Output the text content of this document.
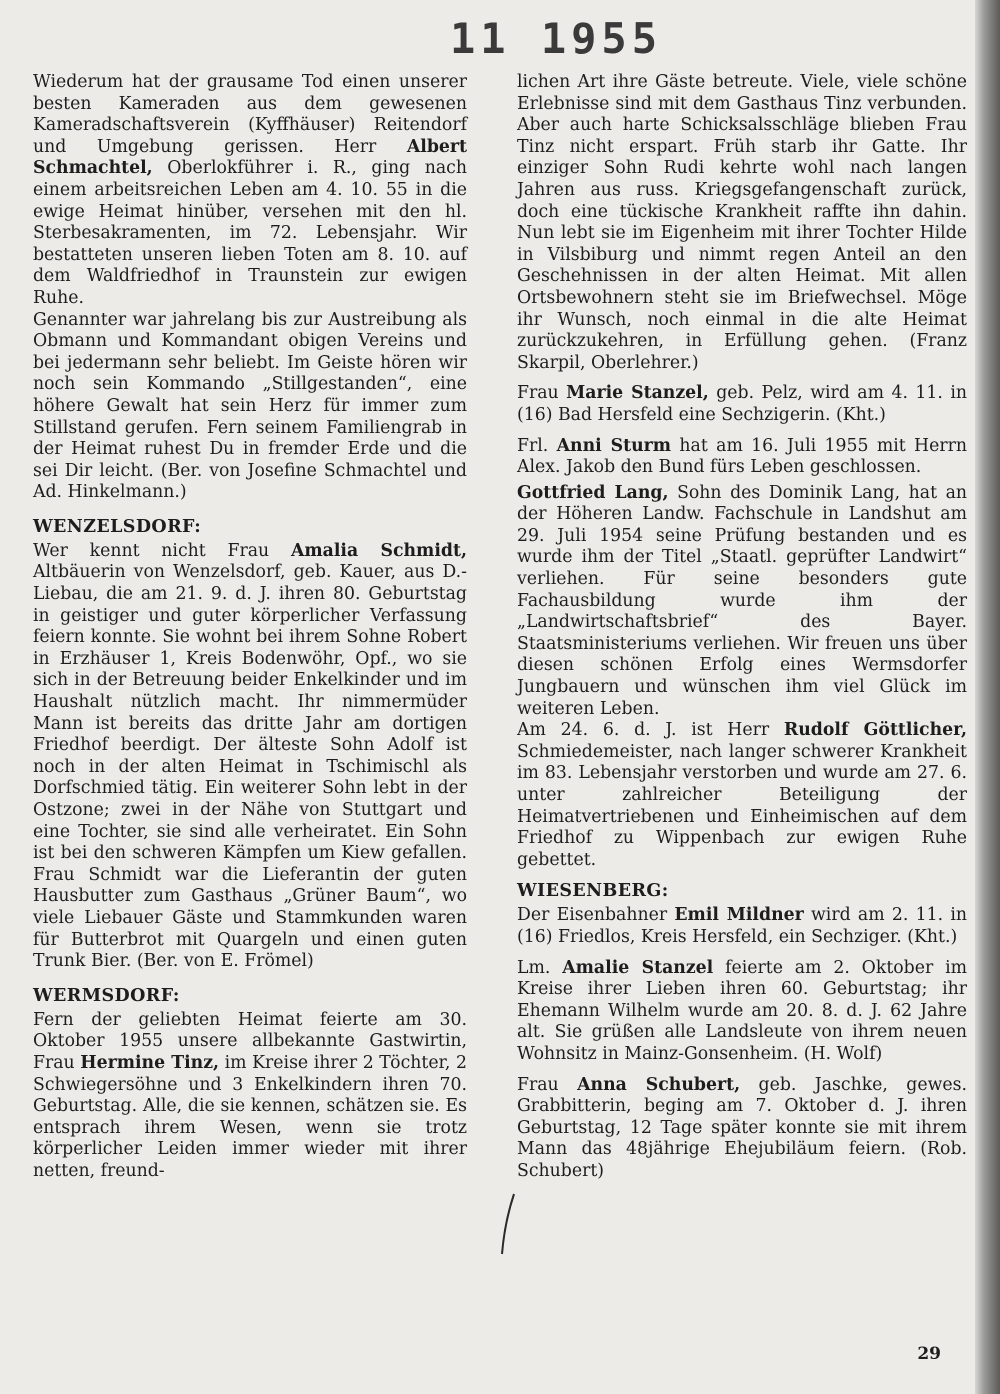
11 1955

Wiederum hat der grausame Tod einen unserer besten Kameraden aus dem gewesenen Kameradschaftsverein (Kyffhäuser) Reitendorf und Umgebung gerissen. Herr Albert Schmachtel, Oberlokführer i. R., ging nach einem arbeitsreichen Leben am 4. 10. 55 in die ewige Heimat hinüber, versehen mit den hl. Sterbesakramenten, im 72. Lebensjahr. Wir bestatteten unseren lieben Toten am 8. 10. auf dem Waldfriedhof in Traunstein zur ewigen Ruhe.

Genannter war jahrelang bis zur Austreibung als Obmann und Kommandant obigen Vereins und bei jedermann sehr beliebt. Im Geiste hören wir noch sein Kommando „Stillgestanden“, eine höhere Gewalt hat sein Herz für immer zum Stillstand gerufen. Fern seinem Familiengrab in der Heimat ruhest Du in fremder Erde und die sei Dir leicht. (Ber. von Josefine Schmachtel und Ad. Hinkelmann.)

WENZELSDORF:

Wer kennt nicht Frau Amalia Schmidt, Altbäuerin von Wenzelsdorf, geb. Kauer, aus D.-Liebau, die am 21. 9. d. J. ihren 80. Geburtstag in geistiger und guter körperlicher Verfassung feiern konnte. Sie wohnt bei ihrem Sohne Robert in Erzhäuser 1, Kreis Bodenwöhr, Opf., wo sie sich in der Betreuung beider Enkelkinder und im Haushalt nützlich macht. Ihr nimmermüder Mann ist bereits das dritte Jahr am dortigen Friedhof beerdigt. Der älteste Sohn Adolf ist noch in der alten Heimat in Tschimischl als Dorfschmied tätig. Ein weiterer Sohn lebt in der Ostzone; zwei in der Nähe von Stuttgart und eine Tochter, sie sind alle verheiratet. Ein Sohn ist bei den schweren Kämpfen um Kiew gefallen. Frau Schmidt war die Lieferantin der guten Hausbutter zum Gasthaus „Grüner Baum“, wo viele Liebauer Gäste und Stammkunden waren für Butterbrot mit Quargeln und einen guten Trunk Bier. (Ber. von E. Frömel)

WERMSDORF:

Fern der geliebten Heimat feierte am 30. Oktober 1955 unsere allbekannte Gastwirtin, Frau Hermine Tinz, im Kreise ihrer 2 Töchter, 2 Schwiegersöhne und 3 Enkelkindern ihren 70. Geburtstag. Alle, die sie kennen, schätzen sie. Es entsprach ihrem Wesen, wenn sie trotz körperlicher Leiden immer wieder mit ihrer netten, freund-

lichen Art ihre Gäste betreute. Viele, viele schöne Erlebnisse sind mit dem Gasthaus Tinz verbunden. Aber auch harte Schicksalsschläge blieben Frau Tinz nicht erspart. Früh starb ihr Gatte. Ihr einziger Sohn Rudi kehrte wohl nach langen Jahren aus russ. Kriegsgefangenschaft zurück, doch eine tückische Krankheit raffte ihn dahin. Nun lebt sie im Eigenheim mit ihrer Tochter Hilde in Vilsbiburg und nimmt regen Anteil an den Geschehnissen in der alten Heimat. Mit allen Ortsbewohnern steht sie im Briefwechsel. Möge ihr Wunsch, noch einmal in die alte Heimat zurückzukehren, in Erfüllung gehen. (Franz Skarpil, Oberlehrer.)

Frau Marie Stanzel, geb. Pelz, wird am 4. 11. in (16) Bad Hersfeld eine Sechzigerin. (Kht.)

Frl. Anni Sturm hat am 16. Juli 1955 mit Herrn Alex. Jakob den Bund fürs Leben geschlossen.

Gottfried Lang, Sohn des Dominik Lang, hat an der Höheren Landw. Fachschule in Landshut am 29. Juli 1954 seine Prüfung bestanden und es wurde ihm der Titel „Staatl. geprüfter Landwirt“ verliehen. Für seine besonders gute Fachausbildung wurde ihm der „Landwirtschaftsbrief“ des Bayer. Staatsministeriums verliehen. Wir freuen uns über diesen schönen Erfolg eines Wermsdorfer Jungbauern und wünschen ihm viel Glück im weiteren Leben.

Am 24. 6. d. J. ist Herr Rudolf Göttlicher, Schmiedemeister, nach langer schwerer Krankheit im 83. Lebensjahr verstorben und wurde am 27. 6. unter zahlreicher Beteiligung der Heimatvertriebenen und Einheimischen auf dem Friedhof zu Wippenbach zur ewigen Ruhe gebettet.

WIESENBERG:

Der Eisenbahner Emil Mildner wird am 2. 11. in (16) Friedlos, Kreis Hersfeld, ein Sechziger. (Kht.)

Lm. Amalie Stanzel feierte am 2. Oktober im Kreise ihrer Lieben ihren 60. Geburtstag; ihr Ehemann Wilhelm wurde am 20. 8. d. J. 62 Jahre alt. Sie grüßen alle Landsleute von ihrem neuen Wohnsitz in Mainz-Gonsenheim. (H. Wolf)

Frau Anna Schubert, geb. Jaschke, gewes. Grabbitterin, beging am 7. Oktober d. J. ihren Geburtstag, 12 Tage später konnte sie mit ihrem Mann das 48jährige Ehejubiläum feiern. (Rob. Schubert)

29
